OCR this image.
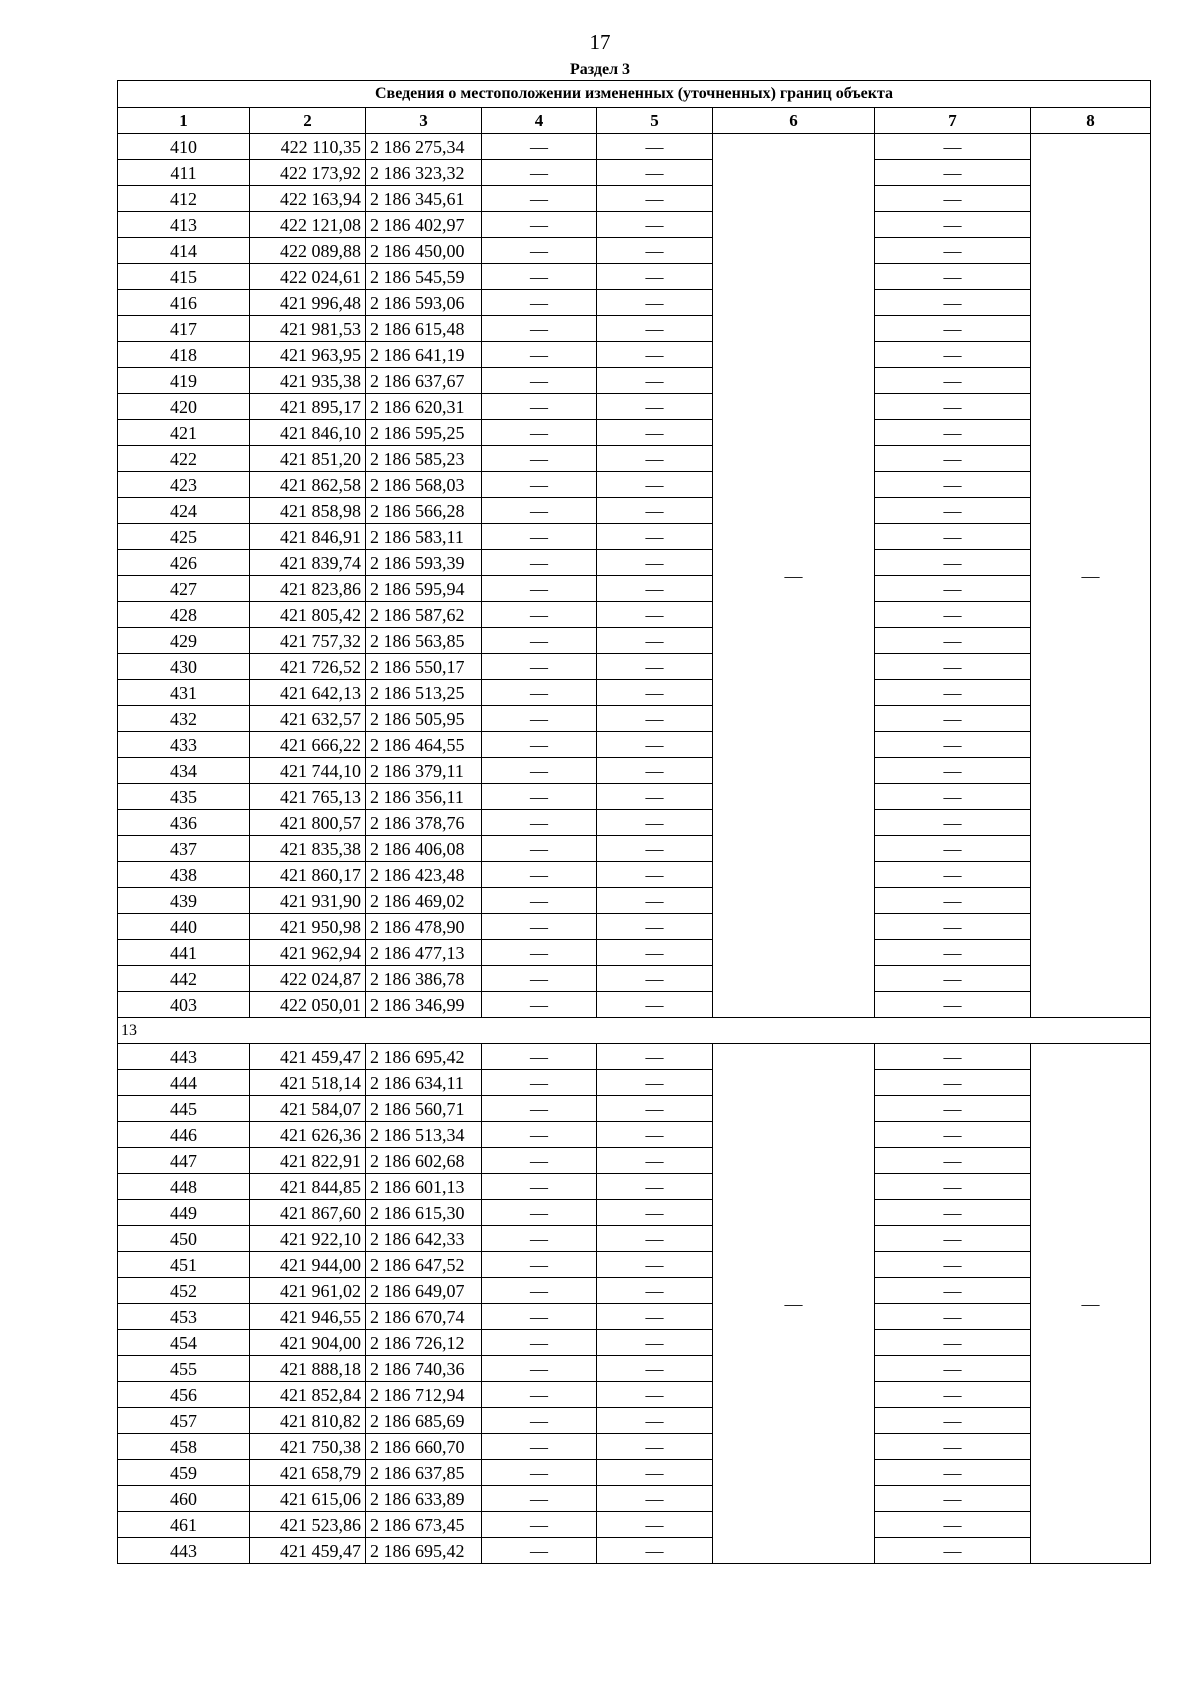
17
Раздел 3
Сведения о местоположении измененных (уточненных) границ объекта							
1	2	3	4	5	6	7	8
410	422 110,35	2 186 275,34	—	—	—	—	—
411	422 173,92	2 186 323,32	—	—		—	
412	422 163,94	2 186 345,61	—	—		—	
413	422 121,08	2 186 402,97	—	—		—	
414	422 089,88	2 186 450,00	—	—		—	
415	422 024,61	2 186 545,59	—	—		—	
416	421 996,48	2 186 593,06	—	—		—	
417	421 981,53	2 186 615,48	—	—		—	
418	421 963,95	2 186 641,19	—	—		—	
419	421 935,38	2 186 637,67	—	—		—	
420	421 895,17	2 186 620,31	—	—		—	
421	421 846,10	2 186 595,25	—	—		—	
422	421 851,20	2 186 585,23	—	—		—	
423	421 862,58	2 186 568,03	—	—		—	
424	421 858,98	2 186 566,28	—	—		—	
425	421 846,91	2 186 583,11	—	—		—	
426	421 839,74	2 186 593,39	—	—		—	
427	421 823,86	2 186 595,94	—	—		—	
428	421 805,42	2 186 587,62	—	—		—	
429	421 757,32	2 186 563,85	—	—		—	
430	421 726,52	2 186 550,17	—	—		—	
431	421 642,13	2 186 513,25	—	—		—	
432	421 632,57	2 186 505,95	—	—		—	
433	421 666,22	2 186 464,55	—	—		—	
434	421 744,10	2 186 379,11	—	—		—	
435	421 765,13	2 186 356,11	—	—		—	
436	421 800,57	2 186 378,76	—	—		—	
437	421 835,38	2 186 406,08	—	—		—	
438	421 860,17	2 186 423,48	—	—		—	
439	421 931,90	2 186 469,02	—	—		—	
440	421 950,98	2 186 478,90	—	—		—	
441	421 962,94	2 186 477,13	—	—		—	
442	422 024,87	2 186 386,78	—	—		—	
403	422 050,01	2 186 346,99	—	—		—	
13							
443	421 459,47	2 186 695,42	—	—	—	—	—
444	421 518,14	2 186 634,11	—	—		—	
445	421 584,07	2 186 560,71	—	—		—	
446	421 626,36	2 186 513,34	—	—		—	
447	421 822,91	2 186 602,68	—	—		—	
448	421 844,85	2 186 601,13	—	—		—	
449	421 867,60	2 186 615,30	—	—		—	
450	421 922,10	2 186 642,33	—	—		—	
451	421 944,00	2 186 647,52	—	—		—	
452	421 961,02	2 186 649,07	—	—		—	
453	421 946,55	2 186 670,74	—	—		—	
454	421 904,00	2 186 726,12	—	—		—	
455	421 888,18	2 186 740,36	—	—		—	
456	421 852,84	2 186 712,94	—	—		—	
457	421 810,82	2 186 685,69	—	—		—	
458	421 750,38	2 186 660,70	—	—		—	
459	421 658,79	2 186 637,85	—	—		—	
460	421 615,06	2 186 633,89	—	—		—	
461	421 523,86	2 186 673,45	—	—		—	
443	421 459,47	2 186 695,42	—	—		—	
